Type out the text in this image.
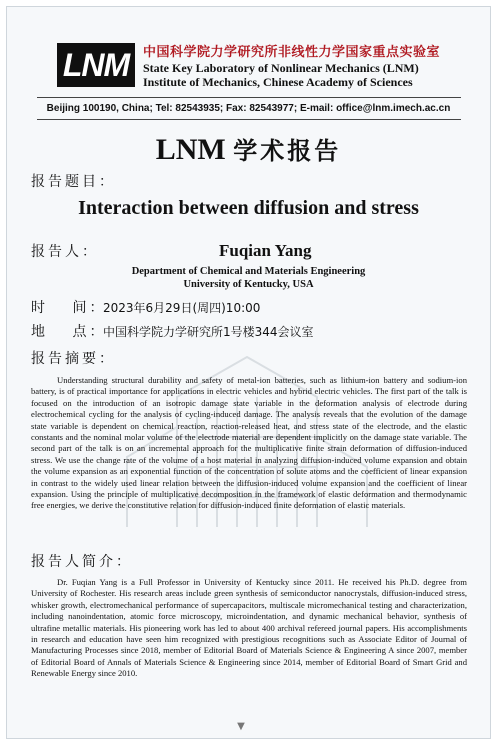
LNM	中国科学院力学研究所非线性力学国家重点实验室
State Key Laboratory of Nonlinear Mechanics (LNM)
Institute of Mechanics, Chinese Academy of Sciences
Beijing 100190, China; Tel: 82543935; Fax: 82543977; E-mail: office@lnm.imech.ac.cn
LNM 学术报告
报告题目：
Interaction between diffusion and stress
报告人：	Fuqian Yang
Department of Chemical and Materials Engineering
University of Kentucky, USA
时　 间：
2023年6月29日(周四)10:00
地　 点：
中国科学院力学研究所1号楼344会议室
报告摘要：
Understanding structural durability and safety of metal-ion batteries, such as lithium-ion battery and sodium-ion battery, is of practical importance for applications in electric vehicles and hybrid electric vehicles. The first part of the talk is focused on the introduction of an isotropic damage state variable in the deformation analysis of electrode during electrochemical cycling for the analysis of cycling-induced damage. The analysis reveals that the evolution of the damage state variable is dependent on chemical reaction, reaction-released heat, and stress state of the electrode, and the elastic constants and the nominal molar volume of the electrode material are dependent implicitly on the damage state variable. The second part of the talk is on an incremental approach for the multiplicative finite strain deformation of diffusion-induced stress. We use the change rate of the volume of a host material in analyzing diffusion-induced volume expansion and obtain the volume expansion as an exponential function of the concentration of solute atoms and the coefficient of linear expansion in contrast to the widely used linear relation between the diffusion-induced volume expansion and the coefficient of linear expansion. Using the principle of multiplicative decomposition in the framework of elastic deformation and thermodynamic free energies, we derive the constitutive relation for diffusion-induced finite deformation of elastic materials.
报告人简介：
Dr. Fuqian Yang is a Full Professor in University of Kentucky since 2011. He received his Ph.D. degree from University of Rochester. His research areas include green synthesis of semiconductor nanocrystals, diffusion-induced stress, whisker growth, electromechanical performance of supercapacitors, multiscale micromechanical testing and characterization, including nanoindentation, atomic force microscopy, microindentation, and dynamic mechanical behavior, synthesis of ultrafine metallic materials. His pioneering work has led to about 400 archival refereed journal papers. His accomplishments in research and education have seen him recognized with prestigious recognitions such as Associate Editor of Journal of Manufacturing Processes since 2018, member of Editorial Board of Materials Science & Engineering A since 2007, member of Editorial Board of Annals of Materials Science & Engineering since 2014, member of Editorial Board of Smart Grid and Renewable Energy since 2010.
▼
